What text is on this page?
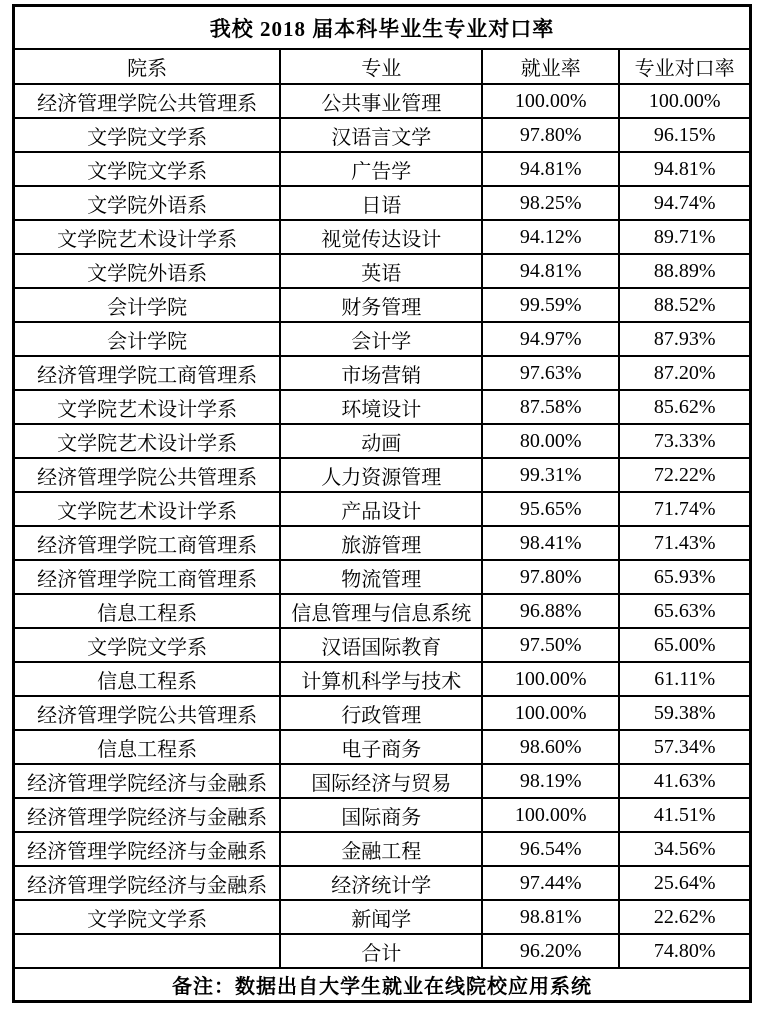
我校 2018 届本科毕业生专业对口率			
院系	专业	就业率	专业对口率
经济管理学院公共管理系	公共事业管理	100.00%	100.00%
文学院文学系	汉语言文学	97.80%	96.15%
文学院文学系	广告学	94.81%	94.81%
文学院外语系	日语	98.25%	94.74%
文学院艺术设计学系	视觉传达设计	94.12%	89.71%
文学院外语系	英语	94.81%	88.89%
会计学院	财务管理	99.59%	88.52%
会计学院	会计学	94.97%	87.93%
经济管理学院工商管理系	市场营销	97.63%	87.20%
文学院艺术设计学系	环境设计	87.58%	85.62%
文学院艺术设计学系	动画	80.00%	73.33%
经济管理学院公共管理系	人力资源管理	99.31%	72.22%
文学院艺术设计学系	产品设计	95.65%	71.74%
经济管理学院工商管理系	旅游管理	98.41%	71.43%
经济管理学院工商管理系	物流管理	97.80%	65.93%
信息工程系	信息管理与信息系统	96.88%	65.63%
文学院文学系	汉语国际教育	97.50%	65.00%
信息工程系	计算机科学与技术	100.00%	61.11%
经济管理学院公共管理系	行政管理	100.00%	59.38%
信息工程系	电子商务	98.60%	57.34%
经济管理学院经济与金融系	国际经济与贸易	98.19%	41.63%
经济管理学院经济与金融系	国际商务	100.00%	41.51%
经济管理学院经济与金融系	金融工程	96.54%	34.56%
经济管理学院经济与金融系	经济统计学	97.44%	25.64%
文学院文学系	新闻学	98.81%	22.62%
	合计	96.20%	74.80%
备注：数据出自大学生就业在线院校应用系统			
